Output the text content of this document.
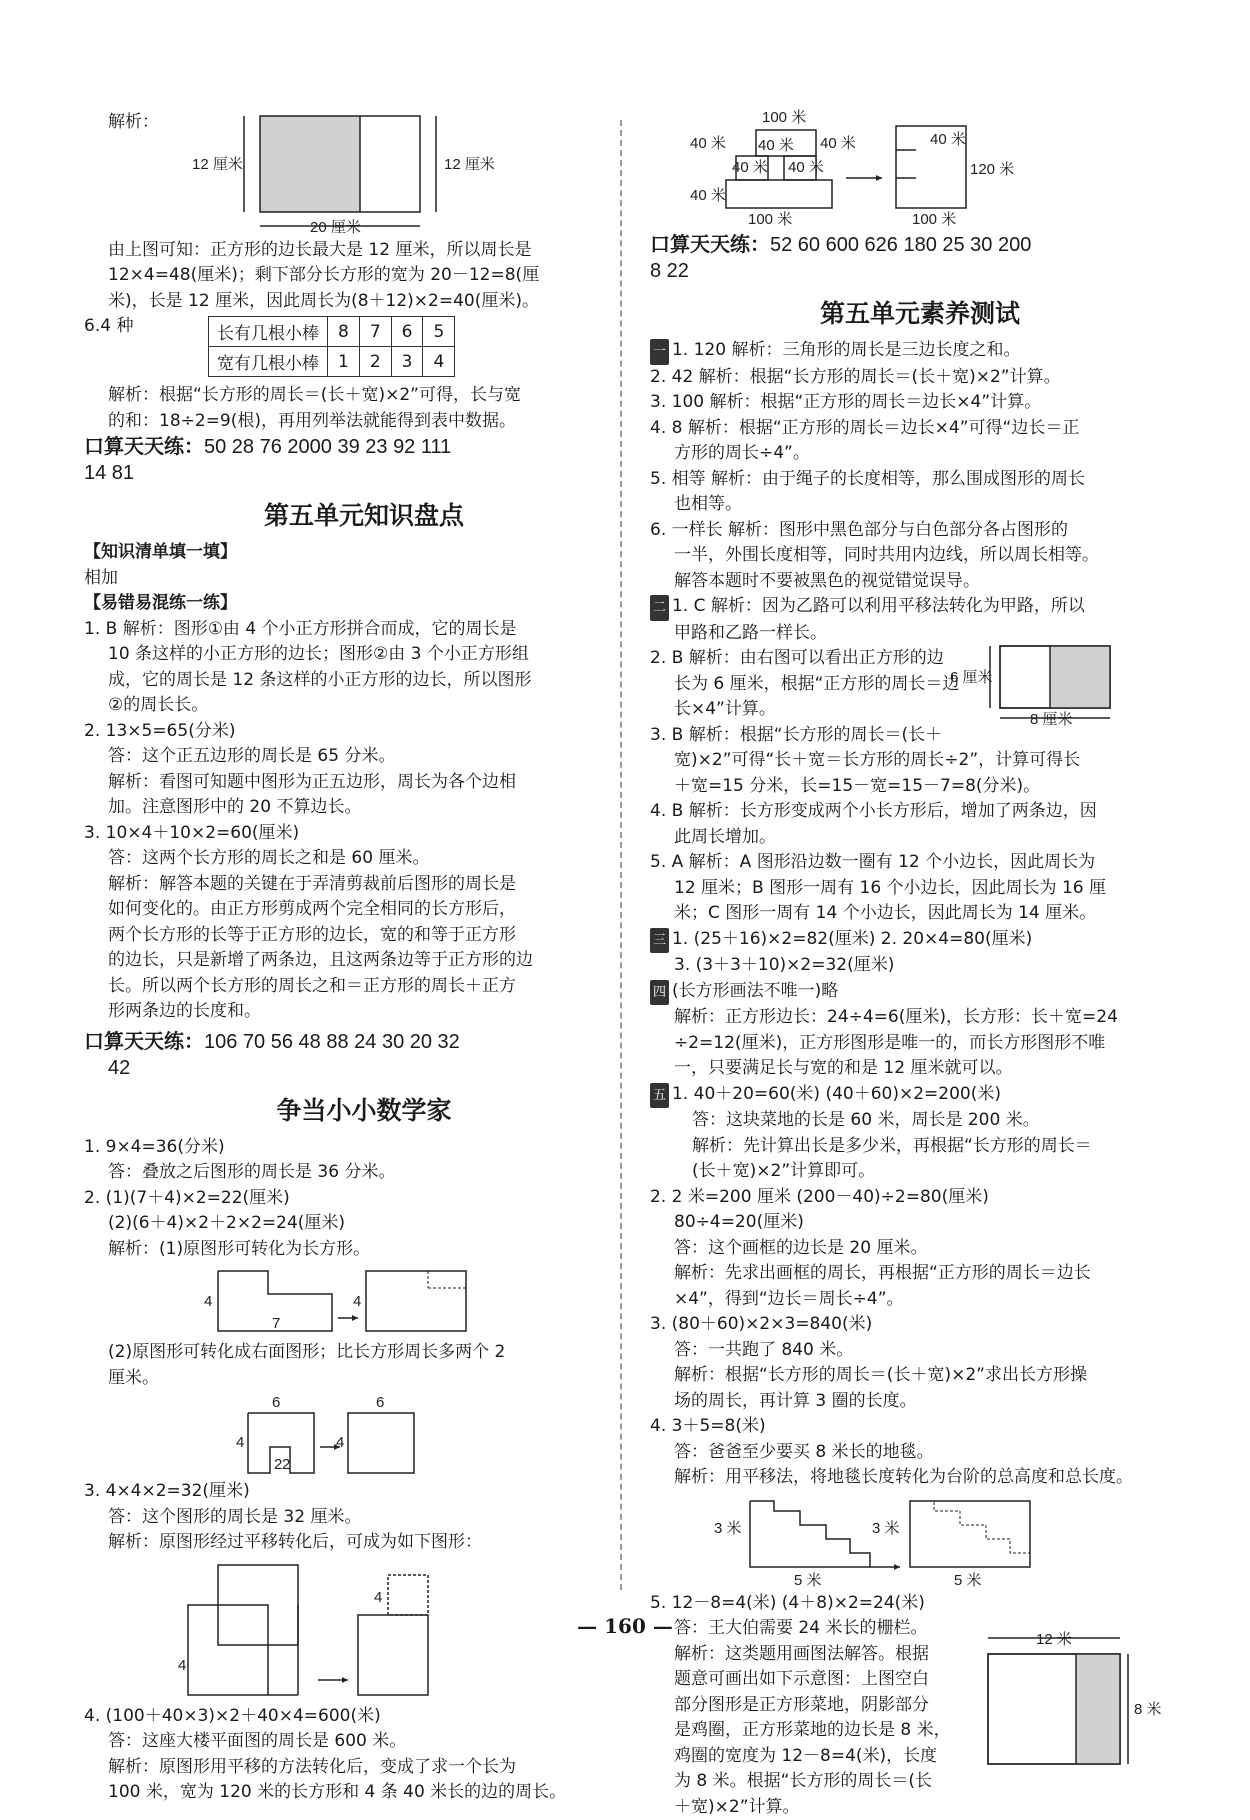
解析：
12 厘米	12 厘米
20 厘米
由上图可知：正方形的边长最大是 12 厘米，所以周长是
12×4=48(厘米)；剩下部分长方形的宽为 20－12=8(厘
米)，长是 12 厘米，因此周长为(8＋12)×2=40(厘米)。
6.4 种	长有几根小棒	8	7	6	5
宽有几根小棒	1	2	3	4
解析：根据“长方形的周长＝(长＋宽)×2”可得，长与宽
的和：18÷2=9(根)，再用列举法就能得到表中数据。
口算天天练：50 28 76 2000 39 23 92 111
14 81
第五单元知识盘点
【知识清单填一填】
相加
【易错易混练一练】
1. B 解析：图形①由 4 个小正方形拼合而成，它的周长是
10 条这样的小正方形的边长；图形②由 3 个小正方形组
成，它的周长是 12 条这样的小正方形的边长，所以图形
②的周长长。
2. 13×5=65(分米)
答：这个正五边形的周长是 65 分米。
解析：看图可知题中图形为正五边形，周长为各个边相
加。注意图形中的 20 不算边长。
3. 10×4＋10×2=60(厘米)
答：这两个长方形的周长之和是 60 厘米。
解析：解答本题的关键在于弄清剪裁前后图形的周长是
如何变化的。由正方形剪成两个完全相同的长方形后，
两个长方形的长等于正方形的边长，宽的和等于正方形
的边长，只是新增了两条边，且这两条边等于正方形的边
长。所以两个长方形的周长之和＝正方形的周长＋正方
形两条边的长度和。
口算天天练：106 70 56 48 88 24 30 20 32
42
争当小小数学家
1. 9×4=36(分米)
答：叠放之后图形的周长是 36 分米。
2. (1)(7＋4)×2=22(厘米)
(2)(6＋4)×2＋2×2=24(厘米)
解析：(1)原图形可转化为长方形。
4
7
4
(2)原图形可转化成右面图形；比长方形周长多两个 2
厘米。
6
4
2 2
6
4
3. 4×4×2=32(厘米)
答：这个图形的周长是 32 厘米。
解析：原图形经过平移转化后，可成为如下图形：
4
4
4. (100＋40×3)×2＋40×4=600(米)
答：这座大楼平面图的周长是 600 米。
解析：原图形用平移的方法转化后，变成了求一个长为
100 米，宽为 120 米的长方形和 4 条 40 米长的边的周长。
100 米
40 米 40 米 40 米
40 米 40 米
40 米
100 米
40 米
120 米
100 米
口算天天练：52 60 600 626 180 25 30 200
8 22
第五单元素养测试
一 1. 120 解析：三角形的周长是三边长度之和。
2. 42 解析：根据“长方形的周长＝(长＋宽)×2”计算。
3. 100 解析：根据“正方形的周长＝边长×4”计算。
4. 8 解析：根据“正方形的周长＝边长×4”可得“边长＝正
方形的周长÷4”。
5. 相等 解析：由于绳子的长度相等，那么围成图形的周长
也相等。
6. 一样长 解析：图形中黑色部分与白色部分各占图形的
一半，外围长度相等，同时共用内边线，所以周长相等。
解答本题时不要被黑色的视觉错觉误导。
二 1. C 解析：因为乙路可以利用平移法转化为甲路，所以
甲路和乙路一样长。
2. B 解析：由右图可以看出正方形的边
长为 6 厘米，根据“正方形的周长＝边
长×4”计算。
6 厘米
8 厘米
3. B 解析：根据“长方形的周长＝(长＋
宽)×2”可得“长＋宽＝长方形的周长÷2”，计算可得长
＋宽=15 分米，长=15－宽=15－7=8(分米)。
4. B 解析：长方形变成两个小长方形后，增加了两条边，因
此周长增加。
5. A 解析：A 图形沿边数一圈有 12 个小边长，因此周长为
12 厘米；B 图形一周有 16 个小边长，因此周长为 16 厘
米；C 图形一周有 14 个小边长，因此周长为 14 厘米。
三 1. (25＋16)×2=82(厘米) 2. 20×4=80(厘米)
3. (3＋3＋10)×2=32(厘米)
四 (长方形画法不唯一)略
解析：正方形边长：24÷4=6(厘米)，长方形：长＋宽=24
÷2=12(厘米)，正方形图形是唯一的，而长方形图形不唯
一，只要满足长与宽的和是 12 厘米就可以。
五 1. 40＋20=60(米) (40＋60)×2=200(米)
答：这块菜地的长是 60 米，周长是 200 米。
解析：先计算出长是多少米，再根据“长方形的周长＝
(长＋宽)×2”计算即可。
2. 2 米=200 厘米 (200－40)÷2=80(厘米)
80÷4=20(厘米)
答：这个画框的边长是 20 厘米。
解析：先求出画框的周长，再根据“正方形的周长＝边长
×4”，得到“边长＝周长÷4”。
3. (80＋60)×2×3=840(米)
答：一共跑了 840 米。
解析：根据“长方形的周长＝(长＋宽)×2”求出长方形操
场的周长，再计算 3 圈的长度。
4. 3＋5=8(米)
答：爸爸至少要买 8 米长的地毯。
解析：用平移法，将地毯长度转化为台阶的总高度和总长度。
3 米
5 米
3 米
5 米
5. 12－8=4(米) (4＋8)×2=24(米)
答：王大伯需要 24 米长的栅栏。
解析：这类题用画图法解答。根据
题意可画出如下示意图：上图空白
部分图形是正方形菜地，阴影部分
是鸡圈，正方形菜地的边长是 8 米，
鸡圈的宽度为 12－8=4(米)，长度
为 8 米。根据“长方形的周长＝(长
＋宽)×2”计算。
12 米
8 米
— 160 —
